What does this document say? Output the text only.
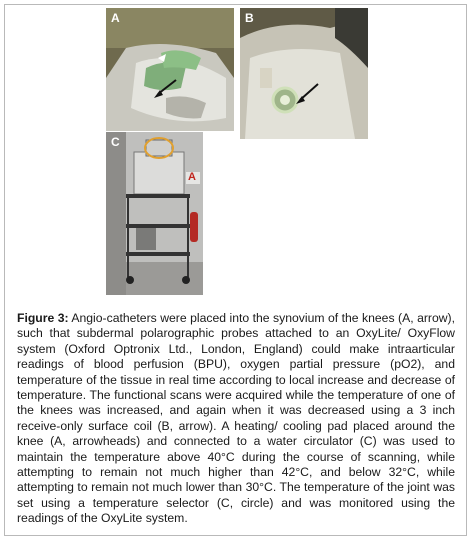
A	B
C
A
Figure 3: Angio-catheters were placed into the synovium of the knees (A, arrow), such that subdermal polarographic probes attached to an OxyLite/ OxyFlow system (Oxford Optronix Ltd., London, England) could make intraarticular readings of blood perfusion (BPU), oxygen partial pressure (pO2), and temperature of the tissue in real time according to local increase and decrease of temperature. The functional scans were acquired while the temperature of one of the knees was increased, and again when it was decreased using a 3 inch receive-only surface coil (B, arrow). A heating/ cooling pad placed around the knee (A, arrowheads) and connected to a water circulator (C) was used to maintain the temperature above 40°C during the course of scanning, while attempting to remain not much higher than 42°C, and below 32°C, while attempting to remain not much lower than 30°C. The temperature of the joint was set using a temperature selector (C, circle) and was monitored using the readings of the OxyLite system.
